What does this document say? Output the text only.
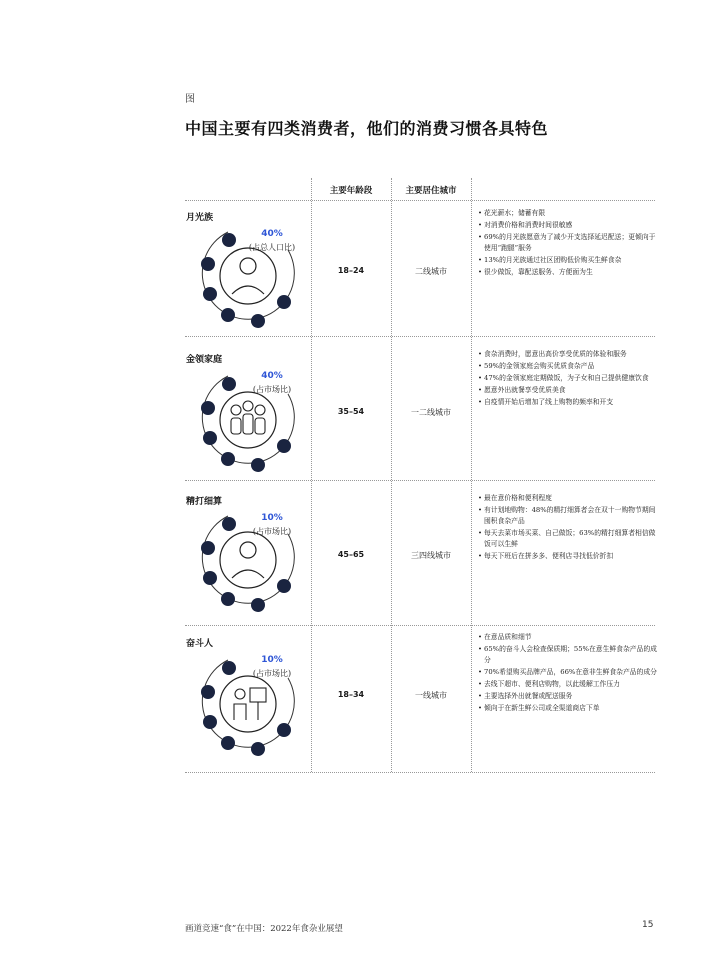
图
中国主要有四类消费者，他们的消费习惯各具特色
主要年龄段	主要居住城市
月光族
40%
(占总人口比)
18–24	二线城市
• 花光薪水；储蓄有限
• 对消费价格和消费时间很敏感
• 69%的月光族愿意为了减少开支选择延迟配送；更倾向于使用“跑腿”服务
• 13%的月光族通过社区团购低价购买生鲜食杂
• 很少做饭，靠配送服务、方便面为生
金领家庭
40%
(占市场比)
35–54	一二线城市
• 食杂消费时，愿意出高价享受优质的体验和服务
• 59%的金领家庭会购买优质食杂产品
• 47%的金领家庭定期做饭，为子女和自己提供健康饮食
• 愿意外出就餐享受优质美食
• 自疫情开始后增加了线上购物的频率和开支
精打细算
10%
(占市场比)
45–65	三四线城市
• 最在意价格和便利程度
• 有计划地购物：48%的精打细算者会在双十一购物节期间囤积食杂产品
• 每天去菜市场买菜、自己做饭；63%的精打细算者相信做饭可以生鲜
• 每天下班后在拼多多、便利店寻找低价折扣
奋斗人
10%
(占市场比)
18–34	一线城市
• 在意品质和细节
• 65%的奋斗人会检查保质期；55%在意生鲜食杂产品的成分
• 70%希望购买品牌产品，66%在意非生鲜食杂产品的成分
• 去线下超市、便利店购物，以此缓解工作压力
• 主要选择外出就餐或配送服务
• 倾向于在新生鲜公司或全渠道商店下单
画道竞速“食”在中国：2022年食杂业展望	15
